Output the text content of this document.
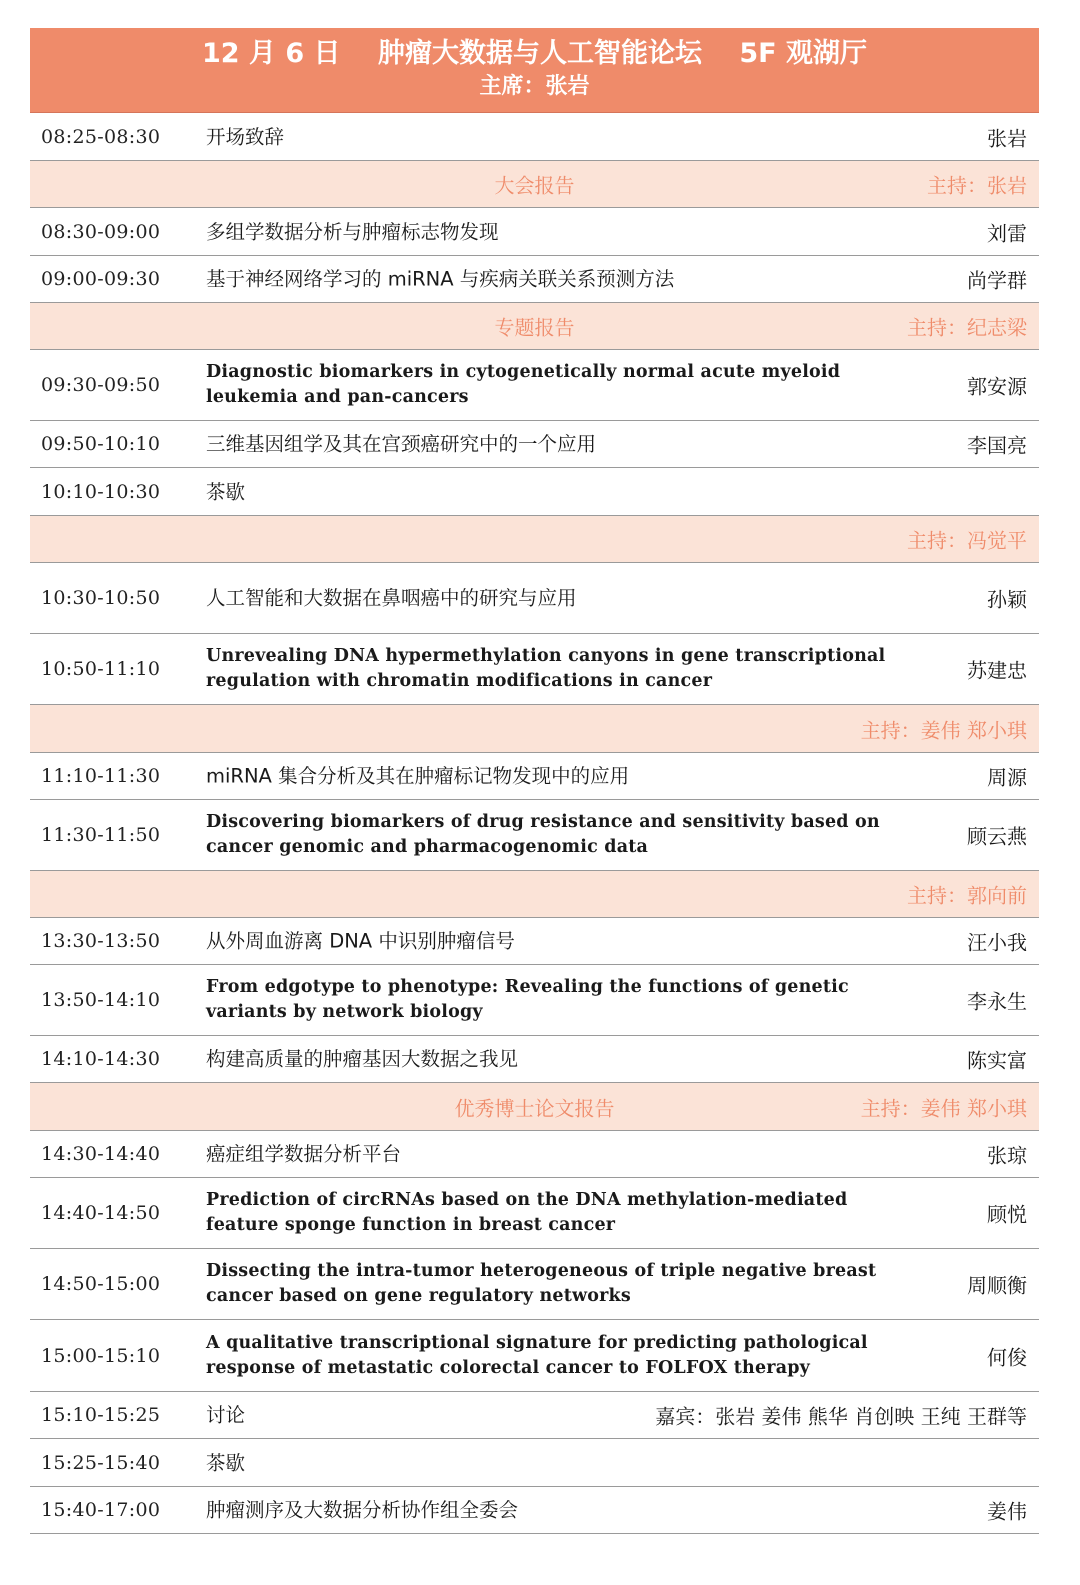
12 月 6 日 肿瘤大数据与人工智能论坛 5F 观湖厅
主席：张岩
08:25-08:30 开场致辞	张岩
大会报告	主持：张岩
08:30-09:00 多组学数据分析与肿瘤标志物发现	刘雷
09:00-09:30 基于神经网络学习的 miRNA 与疾病关联关系预测方法	尚学群
专题报告	主持：纪志梁
09:30-09:50
Diagnostic biomarkers in cytogenetically normal acute myeloid leukemia and pan-cancers	郭安源
09:50-10:10 三维基因组学及其在宫颈癌研究中的一个应用	李国亮
10:10-10:30 茶歇
主持：冯觉平
10:30-10:50 人工智能和大数据在鼻咽癌中的研究与应用	孙颖
10:50-11:10
Unrevealing DNA hypermethylation canyons in gene transcriptional regulation with chromatin modifications in cancer	苏建忠
主持：姜伟 郑小琪
11:10-11:30 miRNA 集合分析及其在肿瘤标记物发现中的应用	周源
11:30-11:50
Discovering biomarkers of drug resistance and sensitivity based on cancer genomic and pharmacogenomic data	顾云燕
主持：郭向前
13:30-13:50 从外周血游离 DNA 中识别肿瘤信号	汪小我
13:50-14:10
From edgotype to phenotype: Revealing the functions of genetic variants by network biology	李永生
14:10-14:30 构建高质量的肿瘤基因大数据之我见	陈实富
优秀博士论文报告	主持：姜伟 郑小琪
14:30-14:40 癌症组学数据分析平台	张琼
14:40-14:50
Prediction of circRNAs based on the DNA methylation-mediated feature sponge function in breast cancer	顾悦
14:50-15:00
Dissecting the intra-tumor heterogeneous of triple negative breast cancer based on gene regulatory networks	周顺衡
15:00-15:10
A qualitative transcriptional signature for predicting pathological response of metastatic colorectal cancer to FOLFOX therapy	何俊
15:10-15:25 讨论	嘉宾：张岩 姜伟 熊华 肖创映 王纯 王群等
15:25-15:40 茶歇
15:40-17:00 肿瘤测序及大数据分析协作组全委会	姜伟
